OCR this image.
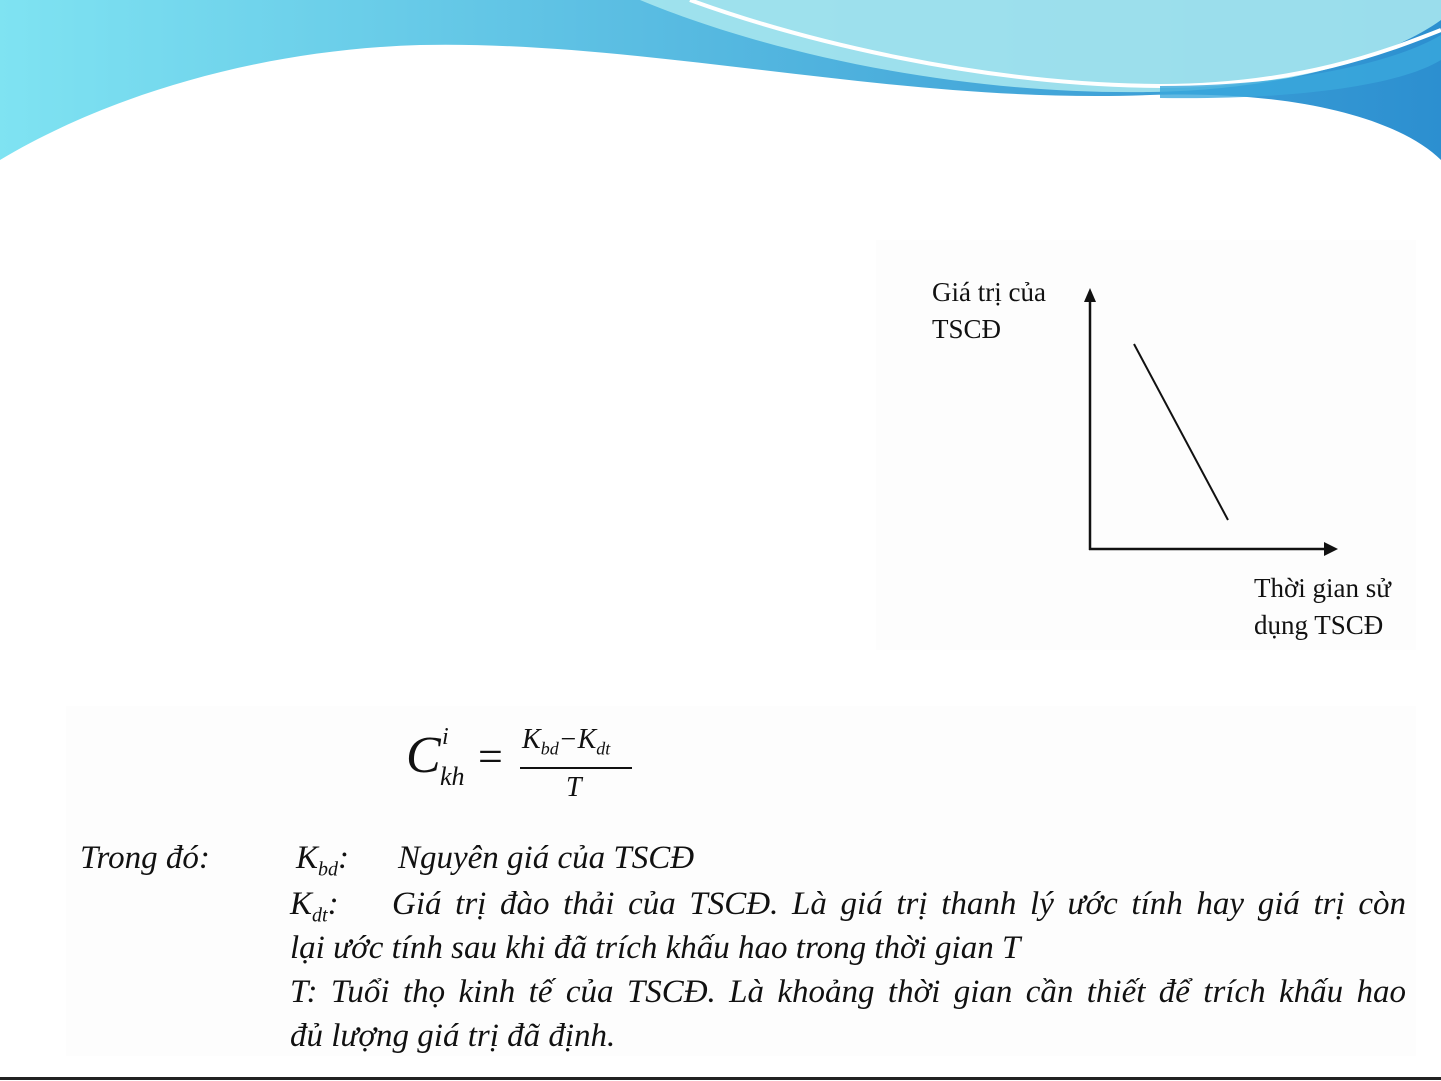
Giá trị của
TSCĐ
Thời gian sử
dụng TSCĐ
C i
kh = $K_{bd}-K_{dt}$
T
Trong đó:	$K_{bd}$: Nguyên giá của TSCĐ
$K_{dt}$: Giá trị đào thải của TSCĐ. Là giá trị thanh lý ước tính hay giá trị còn
lại ước tính sau khi đã trích khấu hao trong thời gian T
T: Tuổi thọ kinh tế của TSCĐ. Là khoảng thời gian cần thiết để trích khấu hao
đủ lượng giá trị đã định.
